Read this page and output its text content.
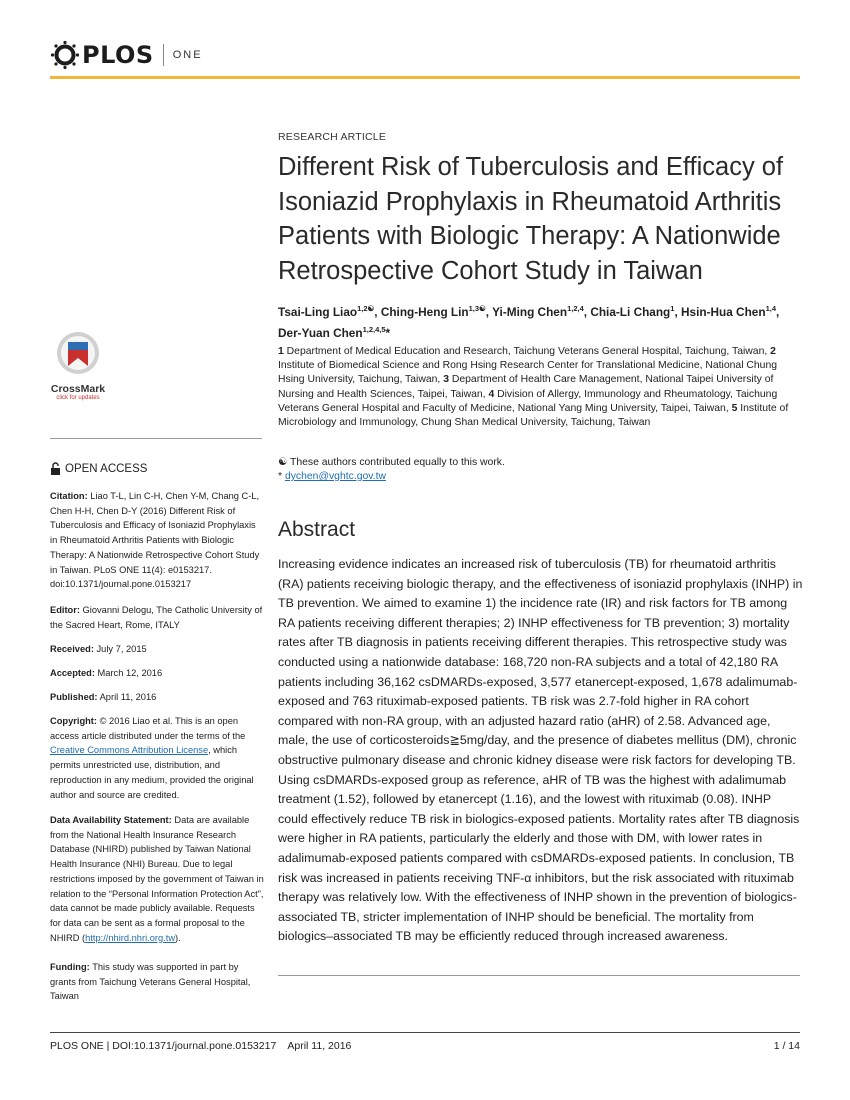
PLOS ONE
CrossMark
click for updates
OPEN ACCESS
Citation: Liao T-L, Lin C-H, Chen Y-M, Chang C-L, Chen H-H, Chen D-Y (2016) Different Risk of Tuberculosis and Efficacy of Isoniazid Prophylaxis in Rheumatoid Arthritis Patients with Biologic Therapy: A Nationwide Retrospective Cohort Study in Taiwan. PLoS ONE 11(4): e0153217. doi:10.1371/journal.pone.0153217
Editor: Giovanni Delogu, The Catholic University of the Sacred Heart, Rome, ITALY
Received: July 7, 2015
Accepted: March 12, 2016
Published: April 11, 2016
Copyright: © 2016 Liao et al. This is an open access article distributed under the terms of the Creative Commons Attribution License, which permits unrestricted use, distribution, and reproduction in any medium, provided the original author and source are credited.
Data Availability Statement: Data are available from the National Health Insurance Research Database (NHIRD) published by Taiwan National Health Insurance (NHI) Bureau. Due to legal restrictions imposed by the government of Taiwan in relation to the “Personal Information Protection Act”, data cannot be made publicly available. Requests for data can be sent as a formal proposal to the NHIRD (http://nhird.nhri.org.tw).
Funding: This study was supported in part by grants from Taichung Veterans General Hospital, Taiwan
RESEARCH ARTICLE
Different Risk of Tuberculosis and Efficacy of Isoniazid Prophylaxis in Rheumatoid Arthritis Patients with Biologic Therapy: A Nationwide Retrospective Cohort Study in Taiwan
Tsai-Ling Liao$^{1,2☯}$, Ching-Heng Lin$^{1,3☯}$, Yi-Ming Chen$^{1,2,4}$, Chia-Li Chang$^1$, Hsin-Hua Chen$^{1,4}$, Der-Yuan Chen$^{1,2,4,5}$*
1 Department of Medical Education and Research, Taichung Veterans General Hospital, Taichung, Taiwan, 2 Institute of Biomedical Science and Rong Hsing Research Center for Translational Medicine, National Chung Hsing University, Taichung, Taiwan, 3 Department of Health Care Management, National Taipei University of Nursing and Health Sciences, Taipei, Taiwan, 4 Division of Allergy, Immunology and Rheumatology, Taichung Veterans General Hospital and Faculty of Medicine, National Yang Ming University, Taipei, Taiwan, 5 Institute of Microbiology and Immunology, Chung Shan Medical University, Taichung, Taiwan
☯ These authors contributed equally to this work.
* dychen@vghtc.gov.tw
Abstract

Increasing evidence indicates an increased risk of tuberculosis (TB) for rheumatoid arthritis (RA) patients receiving biologic therapy, and the effectiveness of isoniazid prophylaxis (INHP) in TB prevention. We aimed to examine 1) the incidence rate (IR) and risk factors for TB among RA patients receiving different therapies; 2) INHP effectiveness for TB prevention; 3) mortality rates after TB diagnosis in patients receiving different therapies. This retrospective study was conducted using a nationwide database: 168,720 non-RA subjects and a total of 42,180 RA patients including 36,162 csDMARDs-exposed, 3,577 etanercept-exposed, 1,678 adalimumab-exposed and 763 rituximab-exposed patients. TB risk was 2.7-fold higher in RA cohort compared with non-RA group, with an adjusted hazard ratio (aHR) of 2.58. Advanced age, male, the use of corticosteroids≧5mg/day, and the presence of diabetes mellitus (DM), chronic obstructive pulmonary disease and chronic kidney disease were risk factors for developing TB. Using csDMARDs-exposed group as reference, aHR of TB was the highest with adalimumab treatment (1.52), followed by etanercept (1.16), and the lowest with rituximab (0.08). INHP could effectively reduce TB risk in biologics-exposed patients. Mortality rates after TB diagnosis were higher in RA patients, particularly the elderly and those with DM, with lower rates in adalimumab-exposed patients compared with csDMARDs-exposed patients. In conclusion, TB risk was increased in patients receiving TNF-α inhibitors, but the risk associated with rituximab therapy was relatively low. With the effectiveness of INHP shown in the prevention of biologics-associated TB, stricter implementation of INHP should be beneficial. The mortality from biologics–associated TB may be efficiently reduced through increased awareness.

PLOS ONE | DOI:10.1371/journal.pone.0153217    April 11, 2016	1 / 14
